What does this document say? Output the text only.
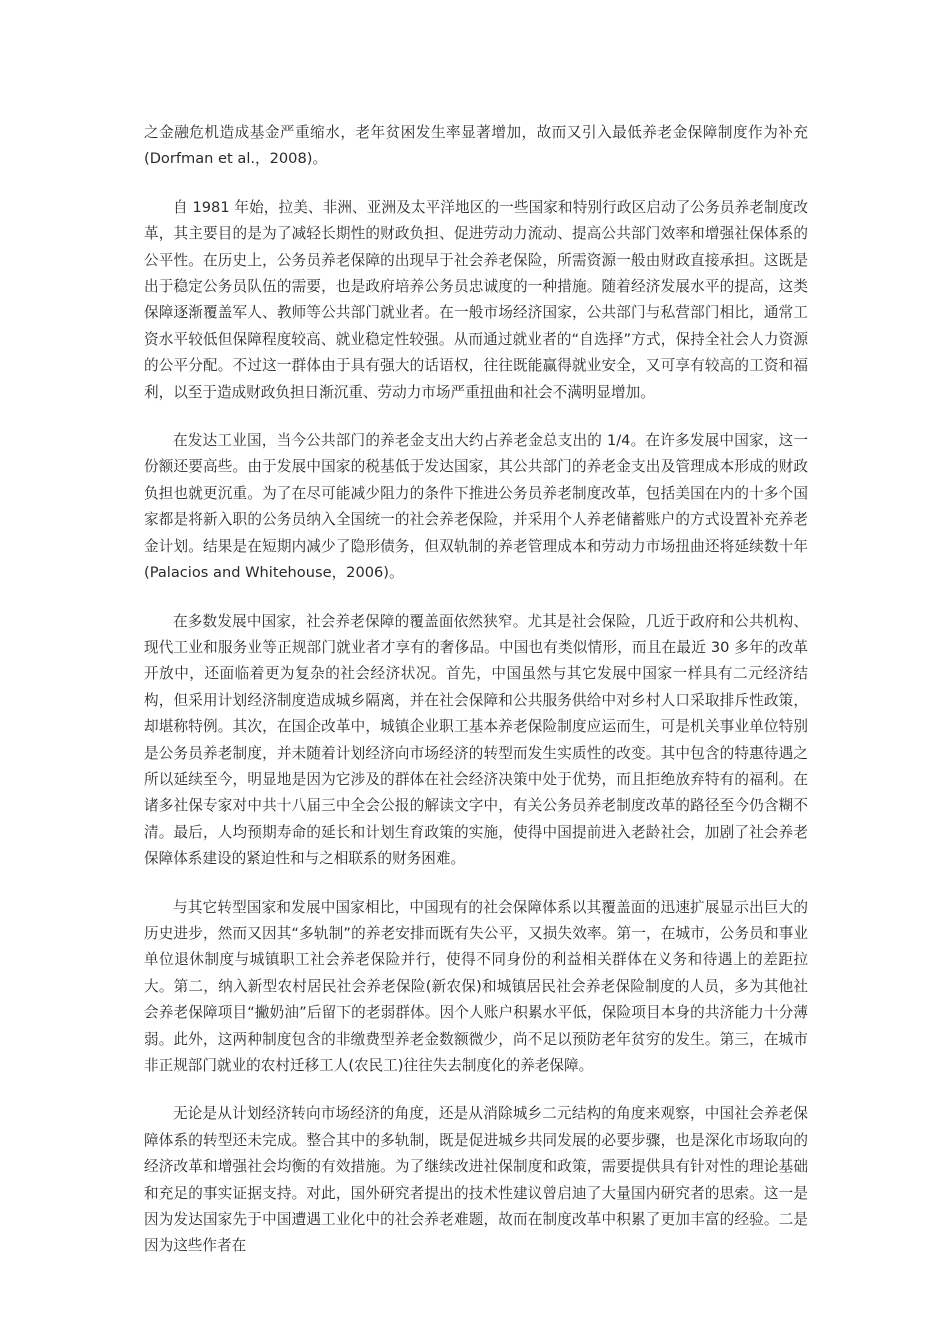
之金融危机造成基金严重缩水，老年贫困发生率显著增加，故而又引入最低养老金保障制度作为补充(Dorfman et al.，2008)。

自 1981 年始，拉美、非洲、亚洲及太平洋地区的一些国家和特别行政区启动了公务员养老制度改革，其主要目的是为了减轻长期性的财政负担、促进劳动力流动、提高公共部门效率和增强社保体系的公平性。在历史上，公务员养老保障的出现早于社会养老保险，所需资源一般由财政直接承担。这既是出于稳定公务员队伍的需要，也是政府培养公务员忠诚度的一种措施。随着经济发展水平的提高，这类保障逐渐覆盖军人、教师等公共部门就业者。在一般市场经济国家，公共部门与私营部门相比，通常工资水平较低但保障程度较高、就业稳定性较强。从而通过就业者的“自选择”方式，保持全社会人力资源的公平分配。不过这一群体由于具有强大的话语权，往往既能赢得就业安全，又可享有较高的工资和福利，以至于造成财政负担日渐沉重、劳动力市场严重扭曲和社会不满明显增加。

在发达工业国，当今公共部门的养老金支出大约占养老金总支出的 1/4。在许多发展中国家，这一份额还要高些。由于发展中国家的税基低于发达国家，其公共部门的养老金支出及管理成本形成的财政负担也就更沉重。为了在尽可能减少阻力的条件下推进公务员养老制度改革，包括美国在内的十多个国家都是将新入职的公务员纳入全国统一的社会养老保险，并采用个人养老储蓄账户的方式设置补充养老金计划。结果是在短期内减少了隐形债务，但双轨制的养老管理成本和劳动力市场扭曲还将延续数十年(Palacios and Whitehouse，2006)。

在多数发展中国家，社会养老保障的覆盖面依然狭窄。尤其是社会保险，几近于政府和公共机构、现代工业和服务业等正规部门就业者才享有的奢侈品。中国也有类似情形，而且在最近 30 多年的改革开放中，还面临着更为复杂的社会经济状况。首先，中国虽然与其它发展中国家一样具有二元经济结构，但采用计划经济制度造成城乡隔离，并在社会保障和公共服务供给中对乡村人口采取排斥性政策，却堪称特例。其次，在国企改革中，城镇企业职工基本养老保险制度应运而生，可是机关事业单位特别是公务员养老制度，并未随着计划经济向市场经济的转型而发生实质性的改变。其中包含的特惠待遇之所以延续至今，明显地是因为它涉及的群体在社会经济决策中处于优势，而且拒绝放弃特有的福利。在诸多社保专家对中共十八届三中全会公报的解读文字中，有关公务员养老制度改革的路径至今仍含糊不清。最后，人均预期寿命的延长和计划生育政策的实施，使得中国提前进入老龄社会，加剧了社会养老保障体系建设的紧迫性和与之相联系的财务困难。

与其它转型国家和发展中国家相比，中国现有的社会保障体系以其覆盖面的迅速扩展显示出巨大的历史进步，然而又因其“多轨制”的养老安排而既有失公平，又损失效率。第一，在城市，公务员和事业单位退休制度与城镇职工社会养老保险并行，使得不同身份的利益相关群体在义务和待遇上的差距拉大。第二，纳入新型农村居民社会养老保险(新农保)和城镇居民社会养老保险制度的人员，多为其他社会养老保障项目“撇奶油”后留下的老弱群体。因个人账户积累水平低，保险项目本身的共济能力十分薄弱。此外，这两种制度包含的非缴费型养老金数额微少，尚不足以预防老年贫穷的发生。第三，在城市非正规部门就业的农村迁移工人(农民工)往往失去制度化的养老保障。

无论是从计划经济转向市场经济的角度，还是从消除城乡二元结构的角度来观察，中国社会养老保障体系的转型还未完成。整合其中的多轨制，既是促进城乡共同发展的必要步骤，也是深化市场取向的经济改革和增强社会均衡的有效措施。为了继续改进社保制度和政策，需要提供具有针对性的理论基础和充足的事实证据支持。对此，国外研究者提出的技术性建议曾启迪了大量国内研究者的思索。这一是因为发达国家先于中国遭遇工业化中的社会养老难题，故而在制度改革中积累了更加丰富的经验。二是因为这些作者在
